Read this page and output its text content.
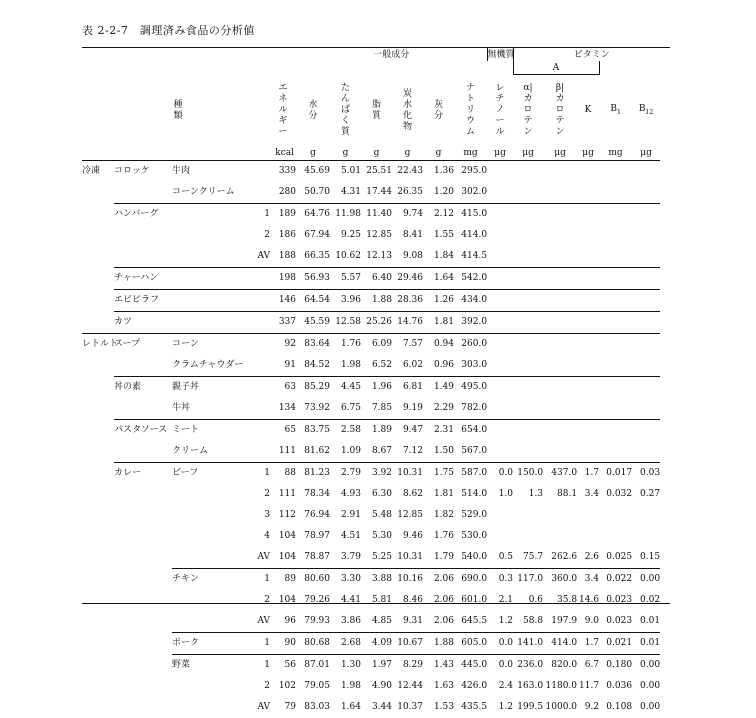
表 2-2-7　調理済み食品の分析値
					一般成分						無機質	ビタミン				
												A				
種類				エネルギー	水分	たんぱく質	脂質	炭水化物	灰分	ナトリウム	レチノール	α|カロテン	β|カロテン	K	$B_1$	$B_{12}$
				kcal	g	g	g	g	g	mg	μg	μg	μg	μg	mg	μg
冷凍	コロッケ	牛肉		339	45.69	5.01	25.51	22.43	1.36	295.0						
		コーンクリーム		280	50.70	4.31	17.44	26.35	1.20	302.0						

	ハンバーグ		1	189	64.76	11.98	11.40	9.74	2.12	415.0						
			2	186	67.94	9.25	12.85	8.41	1.55	414.0						
			AV	188	66.35	10.62	12.13	9.08	1.84	414.5						

	チャーハン			198	56.93	5.57	6.40	29.46	1.64	542.0						

	エビピラフ			146	64.54	3.96	1.88	28.36	1.26	434.0						

	カツ			337	45.59	12.58	25.26	14.76	1.81	392.0						

レトルト	スープ	コーン		92	83.64	1.76	6.09	7.57	0.94	260.0						
		クラムチャウダー		91	84.52	1.98	6.52	6.02	0.96	303.0						

	丼の素	親子丼		63	85.29	4.45	1.96	6.81	1.49	495.0						
		牛丼		134	73.92	6.75	7.85	9.19	2.29	782.0						

	パスタソース	ミート		65	83.75	2.58	1.89	9.47	2.31	654.0						
		クリーム		111	81.62	1.09	8.67	7.12	1.50	567.0						

	カレー	ビーフ	1	88	81.23	2.79	3.92	10.31	1.75	587.0	0.0	150.0	437.0	1.7	0.017	0.03
			2	111	78.34	4.93	6.30	8.62	1.81	514.0	1.0	1.3	88.1	3.4	0.032	0.27
			3	112	76.94	2.91	5.48	12.85	1.82	529.0						
			4	104	78.97	4.51	5.30	9.46	1.76	530.0						
			AV	104	78.87	3.79	5.25	10.31	1.79	540.0	0.5	75.7	262.6	2.6	0.025	0.15

		チキン	1	89	80.60	3.30	3.88	10.16	2.06	690.0	0.3	117.0	360.0	3.4	0.022	0.00
			2	104	79.26	4.41	5.81	8.46	2.06	601.0	2.1	0.6	35.8	14.6	0.023	0.02
			AV	96	79.93	3.86	4.85	9.31	2.06	645.5	1.2	58.8	197.9	9.0	0.023	0.01

		ポーク	1	90	80.68	2.68	4.09	10.67	1.88	605.0	0.0	141.0	414.0	1.7	0.021	0.01

		野菜	1	56	87.01	1.30	1.97	8.29	1.43	445.0	0.0	236.0	820.0	6.7	0.180	0.00
			2	102	79.05	1.98	4.90	12.44	1.63	426.0	2.4	163.0	1180.0	11.7	0.036	0.00
			AV	79	83.03	1.64	3.44	10.37	1.53	435.5	1.2	199.5	1000.0	9.2	0.108	0.00
